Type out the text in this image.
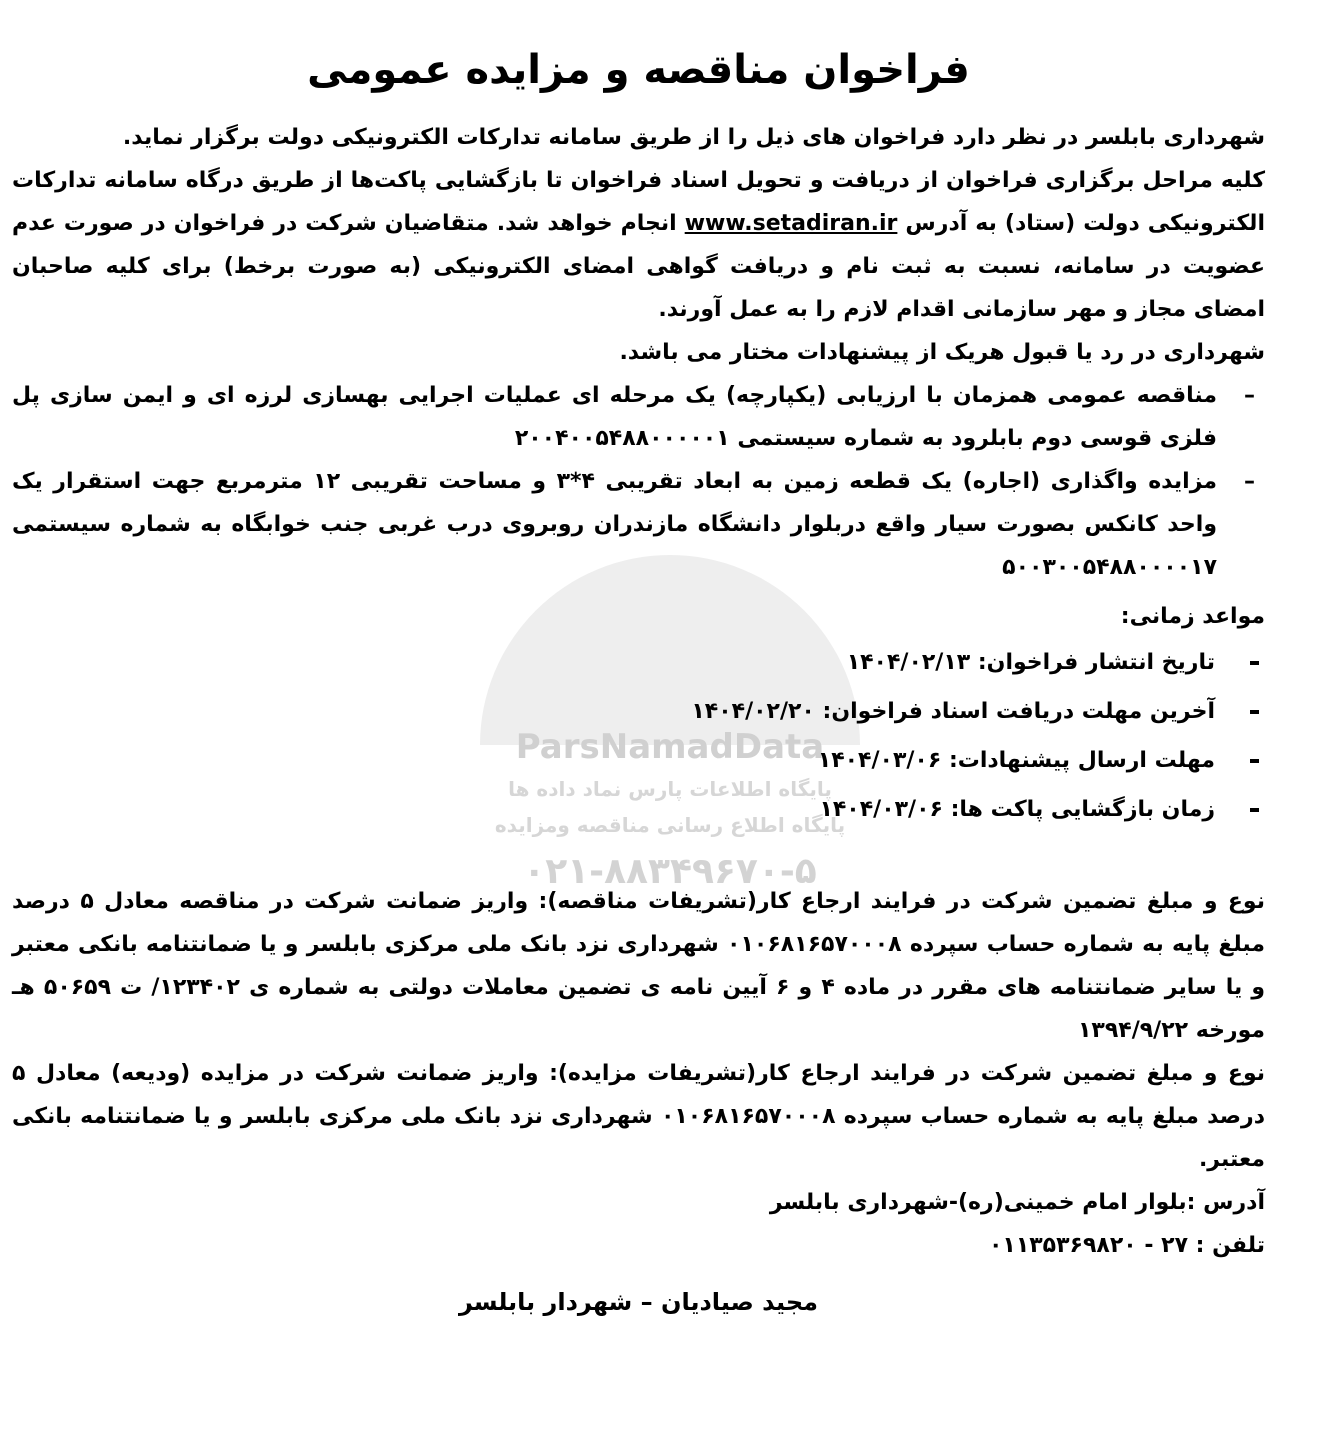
ParsNamadData
پایگاه اطلاعات پارس نماد داده ها
پایگاه اطلاع رسانی مناقصه ومزایده
۰۲۱-۸۸۳۴۹۶۷۰-۵
فراخوان مناقصه و مزایده عمومی

شهرداری بابلسر در نظر دارد فراخوان های ذیل را از طریق سامانه تدارکات الکترونیکی دولت برگزار نماید.

کلیه مراحل برگزاری فراخوان از دریافت و تحویل اسناد فراخوان تا بازگشایی پاکت‌ها از طریق درگاه سامانه تدارکات الکترونیکی دولت (ستاد) به آدرس www.setadiran.ir انجام خواهد شد. متقاضیان شرکت در فراخوان در صورت عدم عضویت در سامانه، نسبت به ثبت نام و دریافت گواهی امضای الکترونیکی (به صورت برخط) برای کلیه صاحبان امضای مجاز و مهر سازمانی اقدام لازم را به عمل آورند.

شهرداری در رد یا قبول هریک از پیشنهادات مختار می باشد.

– مناقصه عمومی همزمان با ارزیابی (یکپارچه) یک مرحله ای عملیات اجرایی بهسازی لرزه ای و ایمن سازی پل فلزی قوسی دوم بابلرود به شماره سیستمی ۲۰۰۴۰۰۵۴۸۸۰۰۰۰۰۱
– مزایده واگذاری (اجاره) یک قطعه زمین به ابعاد تقریبی ۴*۳ و مساحت تقریبی ۱۲ مترمربع جهت استقرار یک واحد کانکس بصورت سیار واقع دربلوار دانشگاه مازندران روبروی درب غربی جنب خوابگاه به شماره سیستمی ۵۰۰۳۰۰۵۴۸۸۰۰۰۰۱۷

مواعد زمانی:

تاریخ انتشار فراخوان: ۱۴۰۴/۰۲/۱۳
آخرین مهلت دریافت اسناد فراخوان: ۱۴۰۴/۰۲/۲۰
مهلت ارسال پیشنهادات: ۱۴۰۴/۰۳/۰۶
زمان بازگشایی پاکت ها: ۱۴۰۴/۰۳/۰۶

نوع و مبلغ تضمین شرکت در فرایند ارجاع کار(تشریفات مناقصه): واریز ضمانت شرکت در مناقصه معادل ۵ درصد مبلغ پایه به شماره حساب سپرده ۰۱۰۶۸۱۶۵۷۰۰۰۸ شهرداری نزد بانک ملی مرکزی بابلسر و یا ضمانتنامه بانکی معتبر و یا سایر ضمانتنامه های مقرر در ماده ۴ و ۶ آیین نامه ی تضمین معاملات دولتی به شماره ی ۱۲۳۴۰۲/ ت ۵۰۶۵۹ هـ مورخه ۱۳۹۴/۹/۲۲

نوع و مبلغ تضمین شرکت در فرایند ارجاع کار(تشریفات مزایده): واریز ضمانت شرکت در مزایده (ودیعه) معادل ۵ درصد مبلغ پایه به شماره حساب سپرده ۰۱۰۶۸۱۶۵۷۰۰۰۸ شهرداری نزد بانک ملی مرکزی بابلسر و یا ضمانتنامه بانکی معتبر.

آدرس :بلوار امام خمینی(ره)-شهرداری بابلسر

تلفن : ۲۷ - ۰۱۱۳۵۳۶۹۸۲۰

مجید صیادیان – شهردار بابلسر
